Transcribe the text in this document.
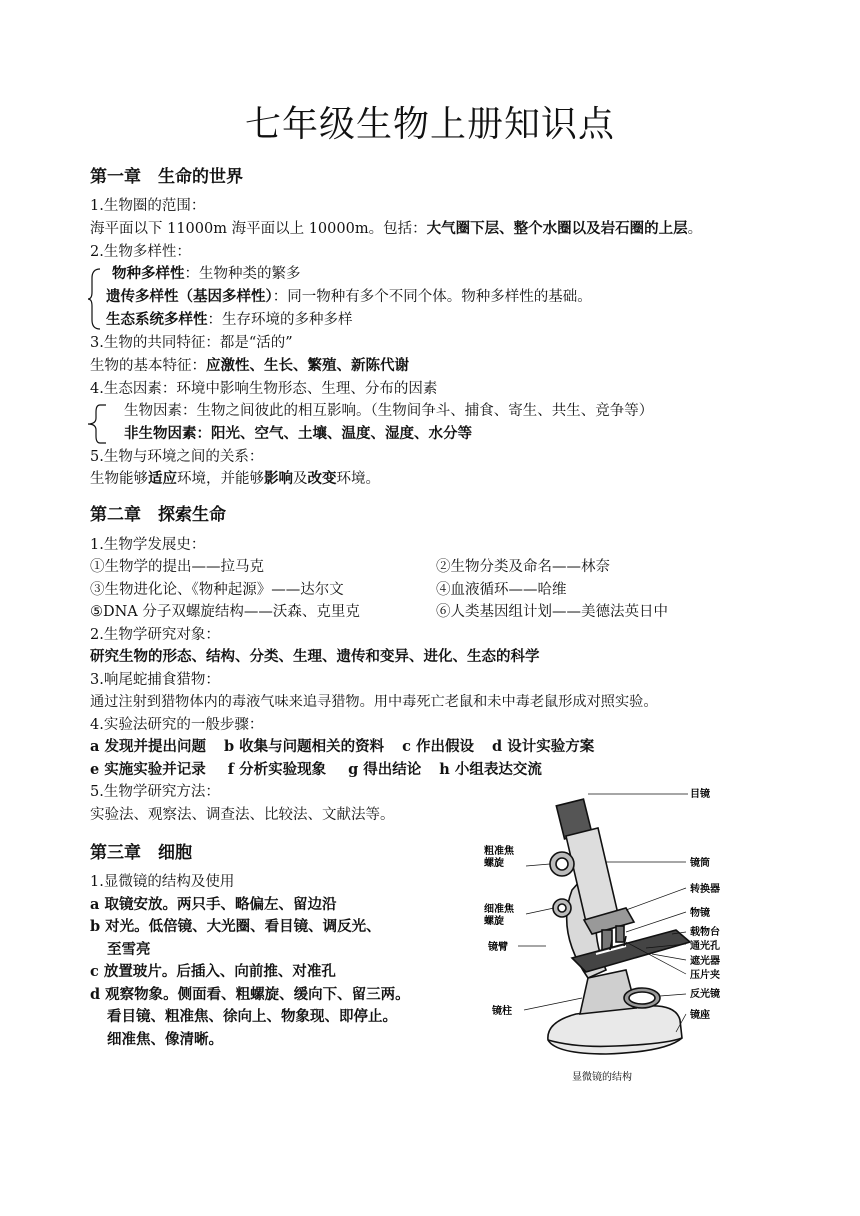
七年级生物上册知识点
第一章　生命的世界
1.生物圈的范围：
海平面以下 11000m 海平面以上 10000m。包括：大气圈下层、整个水圈以及岩石圈的上层。
2.生物多样性：
物种多样性：生物种类的繁多
遗传多样性（基因多样性）：同一物种有多个不同个体。物种多样性的基础。
生态系统多样性：生存环境的多种多样
3.生物的共同特征：都是“活的”
生物的基本特征：应激性、生长、繁殖、新陈代谢
4.生态因素：环境中影响生物形态、生理、分布的因素
生物因素：生物之间彼此的相互影响。（生物间争斗、捕食、寄生、共生、竞争等）
非生物因素：阳光、空气、土壤、温度、湿度、水分等
5.生物与环境之间的关系：
生物能够适应环境，并能够影响及改变环境。
第二章　探索生命
1.生物学发展史：
①生物学的提出——拉马克	②生物分类及命名——林奈
③生物进化论、《物种起源》——达尔文	④血液循环——哈维
⑤DNA 分子双螺旋结构——沃森、克里克	⑥人类基因组计划——美德法英日中
2.生物学研究对象：
研究生物的形态、结构、分类、生理、遗传和变异、进化、生态的科学
3.响尾蛇捕食猎物：
通过注射到猎物体内的毒液气味来追寻猎物。用中毒死亡老鼠和未中毒老鼠形成对照实验。
4.实验法研究的一般步骤：
a 发现并提出问题 b 收集与问题相关的资料 c 作出假设 d 设计实验方案
e 实施实验并记录 f 分析实验现象 g 得出结论 h 小组表达交流
5.生物学研究方法：
实验法、观察法、调查法、比较法、文献法等。
第三章　细胞
1.显微镜的结构及使用
a 取镜安放。两只手、略偏左、留边沿
b 对光。低倍镜、大光圈、看目镜、调反光、
至雪亮
c 放置玻片。后插入、向前推、对准孔
d 观察物象。侧面看、粗螺旋、缓向下、留三两。
看目镜、粗准焦、徐向上、物象现、即停止。
细准焦、像清晰。
目镜
镜筒
转换器
物镜
载物台
通光孔
遮光器
压片夹
反光镜
镜座
粗准焦
螺旋
细准焦
螺旋
镜臂
镜柱
显微镜的结构
